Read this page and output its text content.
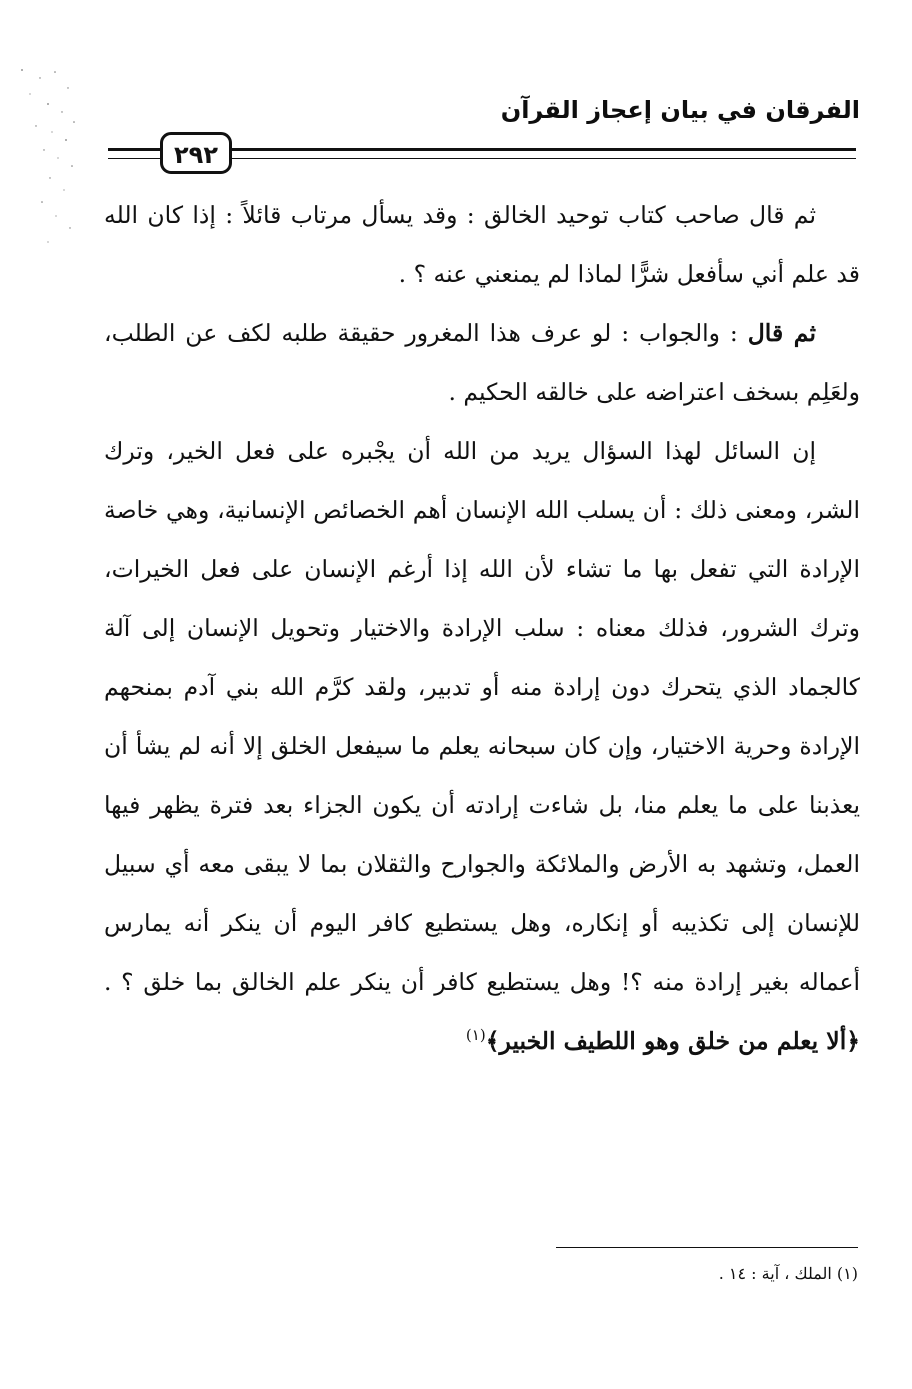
الفرقان في بيان إعجاز القرآن
٢٩٢

ثم قال صاحب كتاب توحيد الخالق : وقد يسأل مرتاب قائلاً : إذا كان الله قد علم أني سأفعل شرًّا لماذا لم يمنعني عنه ؟ .

ثم قال : والجواب : لو عرف هذا المغرور حقيقة طلبه لكف عن الطلب، ولعَلِم بسخف اعتراضه على خالقه الحكيم .

إن السائل لهذا السؤال يريد من الله أن يجْبره على فعل الخير، وترك الشر، ومعنى ذلك : أن يسلب الله الإنسان أهم الخصائص الإنسانية، وهي خاصة الإرادة التي تفعل بها ما تشاء لأن الله إذا أرغم الإنسان على فعل الخيرات، وترك الشرور، فذلك معناه : سلب الإرادة والاختيار وتحويل الإنسان إلى آلة كالجماد الذي يتحرك دون إرادة منه أو تدبير، ولقد كرَّم الله بني آدم بمنحهم الإرادة وحرية الاختيار، وإن كان سبحانه يعلم ما سيفعل الخلق إلا أنه لم يشأ أن يعذبنا على ما يعلم منا، بل شاءت إرادته أن يكون الجزاء بعد فترة يظهر فيها العمل، وتشهد به الأرض والملائكة والجوارح والثقلان بما لا يبقى معه أي سبيل للإنسان إلى تكذيبه أو إنكاره، وهل يستطيع كافر اليوم أن ينكر أنه يمارس أعماله بغير إرادة منه ؟! وهل يستطيع كافر أن ينكر علم الخالق بما خلق ؟ . ﴿ألا يعلم من خلق وهو اللطيف الخبير﴾$^{(١)}$

(١) الملك ، آية : ١٤ .
